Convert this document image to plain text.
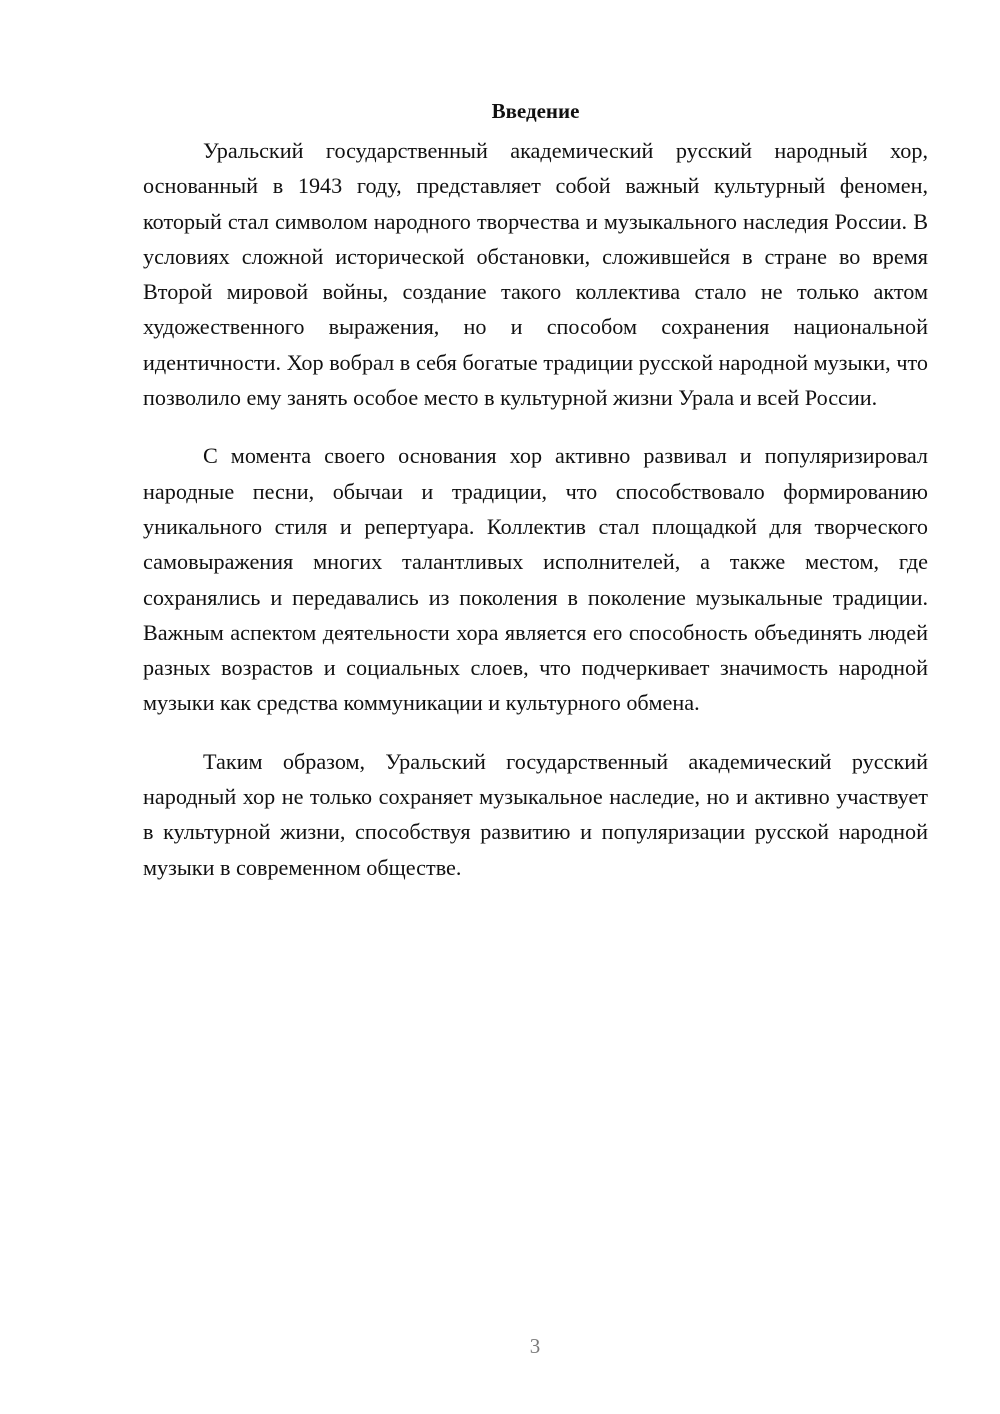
Введение

Уральский государственный академический русский народный хор, основанный в 1943 году, представляет собой важный культурный феномен, который стал символом народного творчества и музыкального наследия России. В условиях сложной исторической обстановки, сложившейся в стране во время Второй мировой войны, создание такого коллектива стало не только актом художественного выражения, но и способом сохранения национальной идентичности. Хор вобрал в себя богатые традиции русской народной музыки, что позволило ему занять особое место в культурной жизни Урала и всей России.

С момента своего основания хор активно развивал и популяризировал народные песни, обычаи и традиции, что способствовало формированию уникального стиля и репертуара. Коллектив стал площадкой для творческого самовыражения многих талантливых исполнителей, а также местом, где сохранялись и передавались из поколения в поколение музыкальные традиции. Важным аспектом деятельности хора является его способность объединять людей разных возрастов и социальных слоев, что подчеркивает значимость народной музыки как средства коммуникации и культурного обмена.

Таким образом, Уральский государственный академический русский народный хор не только сохраняет музыкальное наследие, но и активно участвует в культурной жизни, способствуя развитию и популяризации русской народной музыки в современном обществе.

3
